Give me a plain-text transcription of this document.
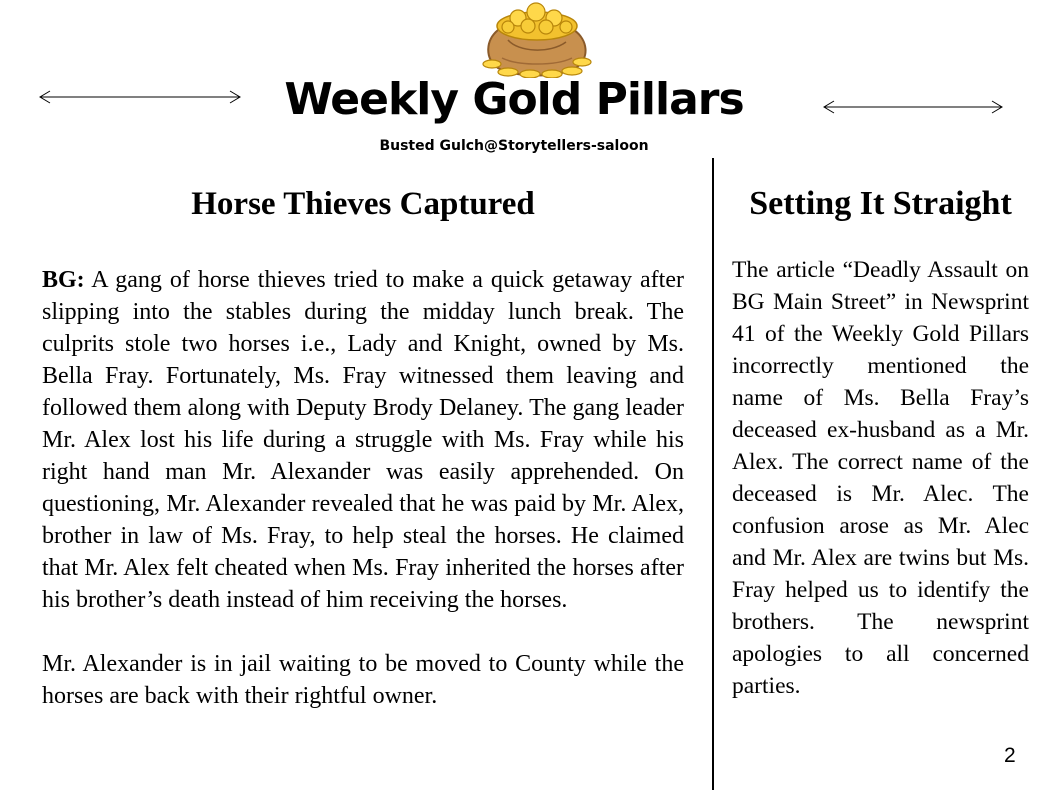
Weekly Gold Pillars
Busted Gulch@Storytellers-saloon
Horse Thieves Captured

BG: A gang of horse thieves tried to make a quick getaway after slipping into the stables during the midday lunch break. The culprits stole two horses i.e., Lady and Knight, owned by Ms. Bella Fray. Fortunately, Ms. Fray witnessed them leaving and followed them along with Deputy Brody Delaney. The gang leader Mr. Alex lost his life during a struggle with Ms. Fray while his right hand man Mr. Alexander was easily apprehended. On questioning, Mr. Alexander revealed that he was paid by Mr. Alex, brother in law of Ms. Fray, to help steal the horses. He claimed that Mr. Alex felt cheated when Ms. Fray inherited the horses after his brother’s death instead of him receiving the horses.

Mr. Alexander is in jail waiting to be moved to County while the horses are back with their rightful owner.

Setting It Straight

The article “Deadly Assault on BG Main Street” in Newsprint 41 of the Weekly Gold Pillars incorrectly mentioned the name of Ms. Bella Fray’s deceased ex-husband as a Mr. Alex. The correct name of the deceased is Mr. Alec. The confusion arose as Mr. Alec and Mr. Alex are twins but Ms. Fray helped us to identify the brothers. The newsprint apologies to all concerned parties.

2
